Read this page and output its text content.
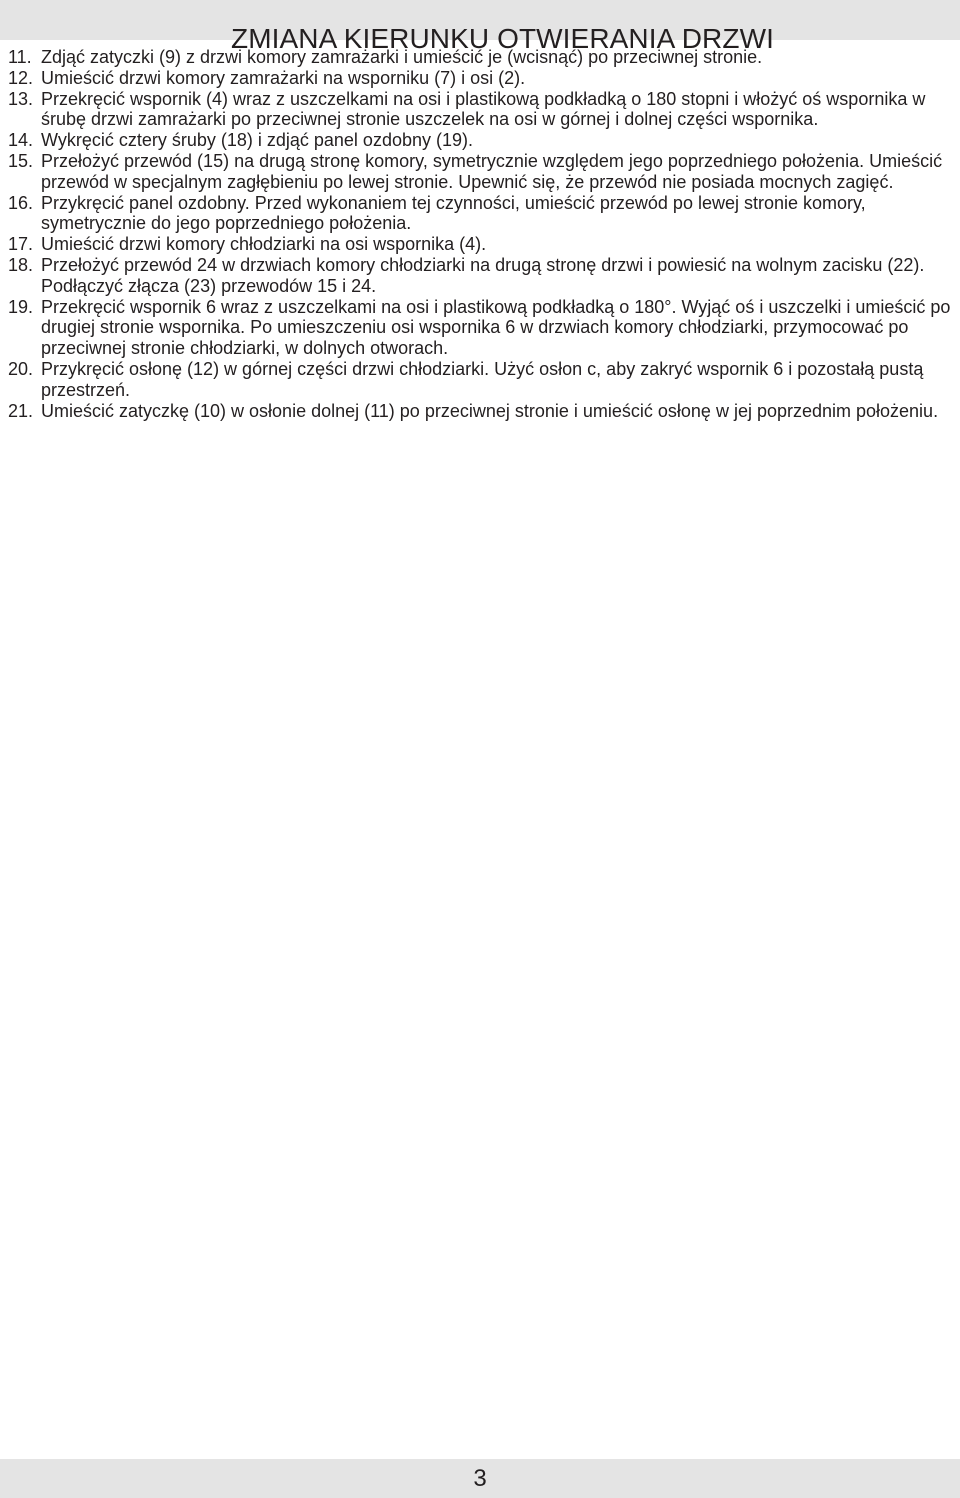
ZMIANA KIERUNKU OTWIERANIA DRZWI
11. Zdjąć zatyczki (9) z drzwi komory zamrażarki i umieścić je (wcisnąć) po przeciwnej stronie.
12. Umieścić drzwi komory zamrażarki na wsporniku (7) i osi (2).
13. Przekręcić wspornik (4) wraz z uszczelkami na osi i plastikową podkładką o 180 stopni i włożyć oś wspornika w śrubę drzwi zamrażarki po przeciwnej stronie uszczelek na osi w górnej i dolnej części wspornika.
14. Wykręcić cztery śruby (18) i zdjąć panel ozdobny (19).
15. Przełożyć przewód (15) na drugą stronę komory, symetrycznie względem jego poprzedniego położenia. Umieścić przewód w specjalnym zagłębieniu po lewej stronie. Upewnić się, że przewód nie posiada mocnych zagięć.
16. Przykręcić panel ozdobny. Przed wykonaniem tej czynności, umieścić przewód po lewej stronie komory, symetrycznie do jego poprzedniego położenia.
17. Umieścić drzwi komory chłodziarki na osi wspornika (4).
18. Przełożyć przewód 24 w drzwiach komory chłodziarki na drugą stronę drzwi i powiesić na wolnym zacisku (22). Podłączyć złącza (23) przewodów 15 i 24.
19. Przekręcić wspornik 6 wraz z uszczelkami na osi i plastikową podkładką o 180°. Wyjąć oś i uszczelki i umieścić po drugiej stronie wspornika. Po umieszczeniu osi wspornika 6 w drzwiach komory chłodziarki, przymocować po przeciwnej stronie chłodziarki, w dolnych otworach.
20. Przykręcić osłonę (12) w górnej części drzwi chłodziarki. Użyć osłon c, aby zakryć wspornik 6 i pozostałą pustą przestrzeń.
21. Umieścić zatyczkę (10) w osłonie dolnej (11) po przeciwnej stronie i umieścić osłonę w jej poprzednim położeniu.
3
